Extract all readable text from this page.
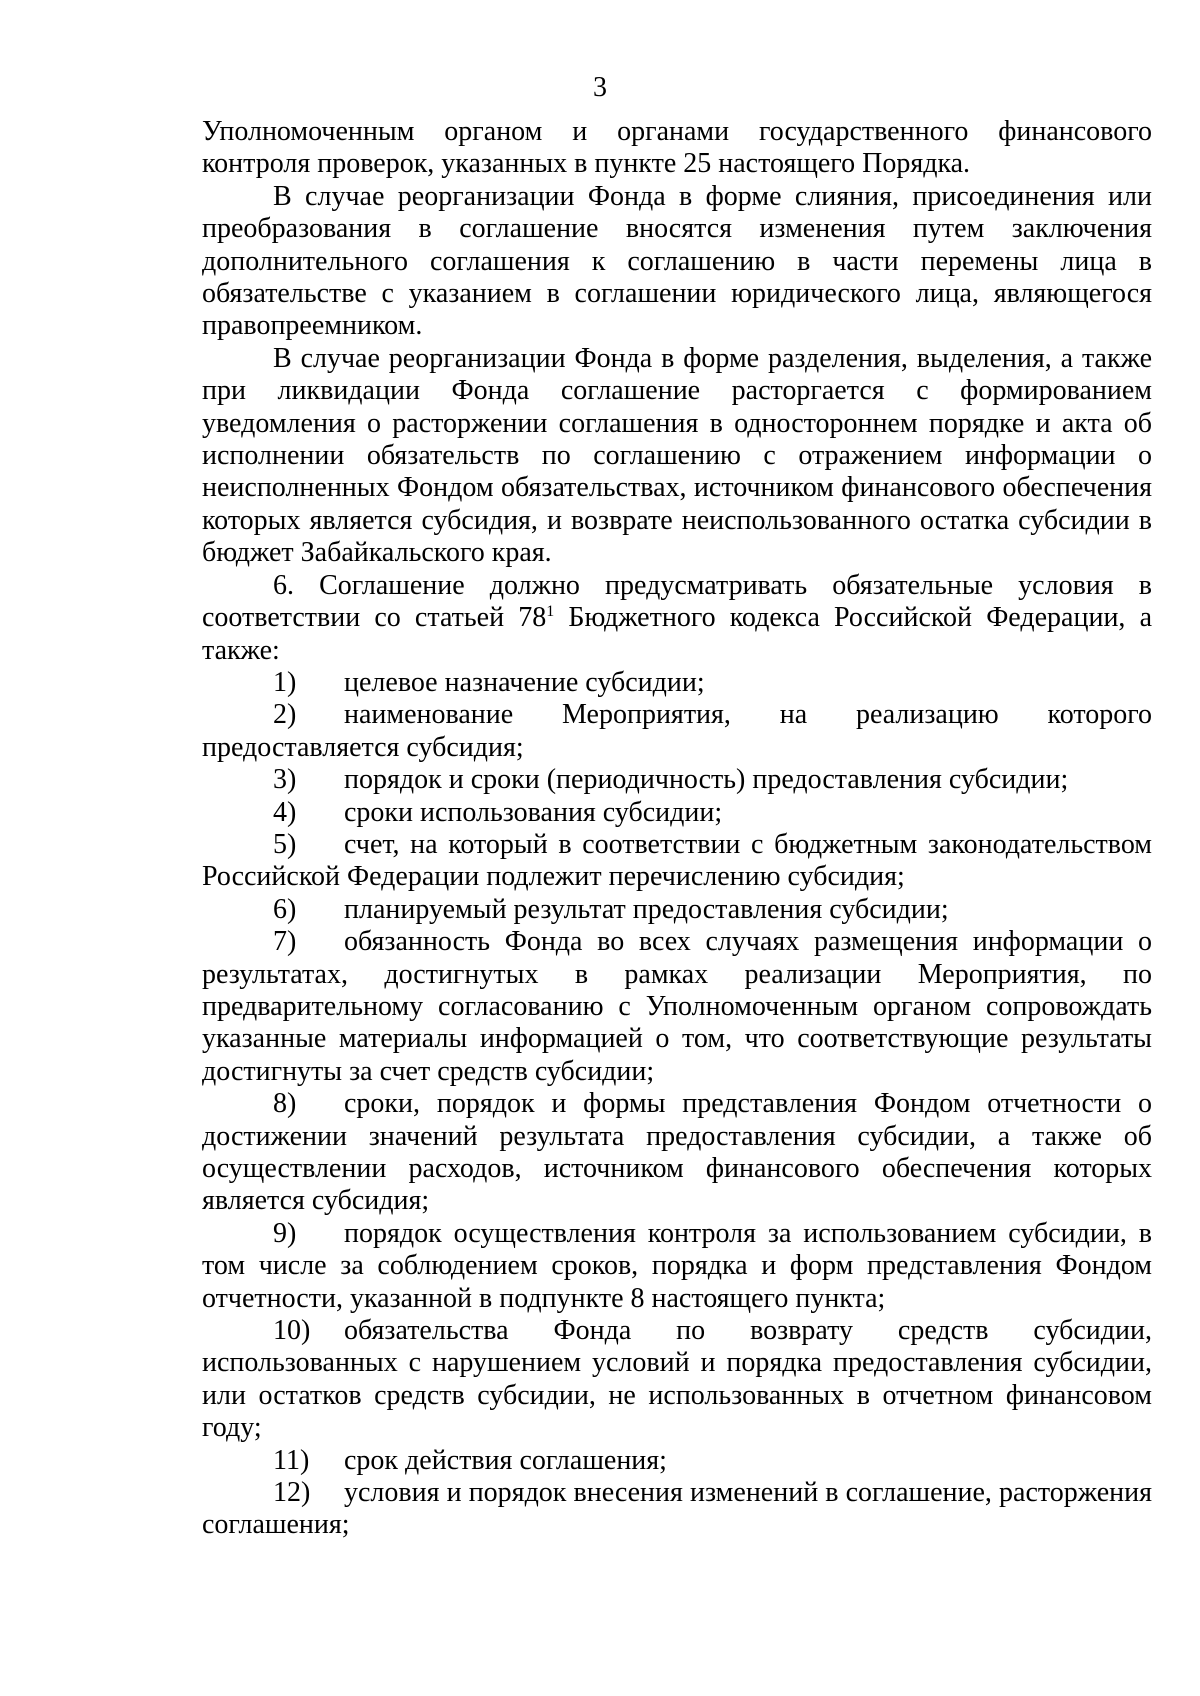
3

Уполномоченным органом и органами государственного финансового контроля проверок, указанных в пункте 25 настоящего Порядка.

В случае реорганизации Фонда в форме слияния, присоединения или преобразования в соглашение вносятся изменения путем заключения дополнительного соглашения к соглашению в части перемены лица в обязательстве с указанием в соглашении юридического лица, являющегося правопреемником.

В случае реорганизации Фонда в форме разделения, выделения, а также при ликвидации Фонда соглашение расторгается с формированием уведомления о расторжении соглашения в одностороннем порядке и акта об исполнении обязательств по соглашению с отражением информации о неисполненных Фондом обязательствах, источником финансового обеспечения которых является субсидия, и возврате неиспользованного остатка субсидии в бюджет Забайкальского края.

6. Соглашение должно предусматривать обязательные условия в соответствии со статьей $78^1$ Бюджетного кодекса Российской Федерации, а также:

1) целевое назначение субсидии;

2) наименование Мероприятия, на реализацию которого предоставляется субсидия;

3) порядок и сроки (периодичность) предоставления субсидии;

4) сроки использования субсидии;

5) счет, на который в соответствии с бюджетным законодательством Российской Федерации подлежит перечислению субсидия;

6) планируемый результат предоставления субсидии;

7) обязанность Фонда во всех случаях размещения информации о результатах, достигнутых в рамках реализации Мероприятия, по предварительному согласованию с Уполномоченным органом сопровождать указанные материалы информацией о том, что соответствующие результаты достигнуты за счет средств субсидии;

8) сроки, порядок и формы представления Фондом отчетности о достижении значений результата предоставления субсидии, а также об осуществлении расходов, источником финансового обеспечения которых является субсидия;

9) порядок осуществления контроля за использованием субсидии, в том числе за соблюдением сроков, порядка и форм представления Фондом отчетности, указанной в подпункте 8 настоящего пункта;

10) обязательства Фонда по возврату средств субсидии, использованных с нарушением условий и порядка предоставления субсидии, или остатков средств субсидии, не использованных в отчетном финансовом году;

11) срок действия соглашения;

12) условия и порядок внесения изменений в соглашение, расторжения соглашения;
